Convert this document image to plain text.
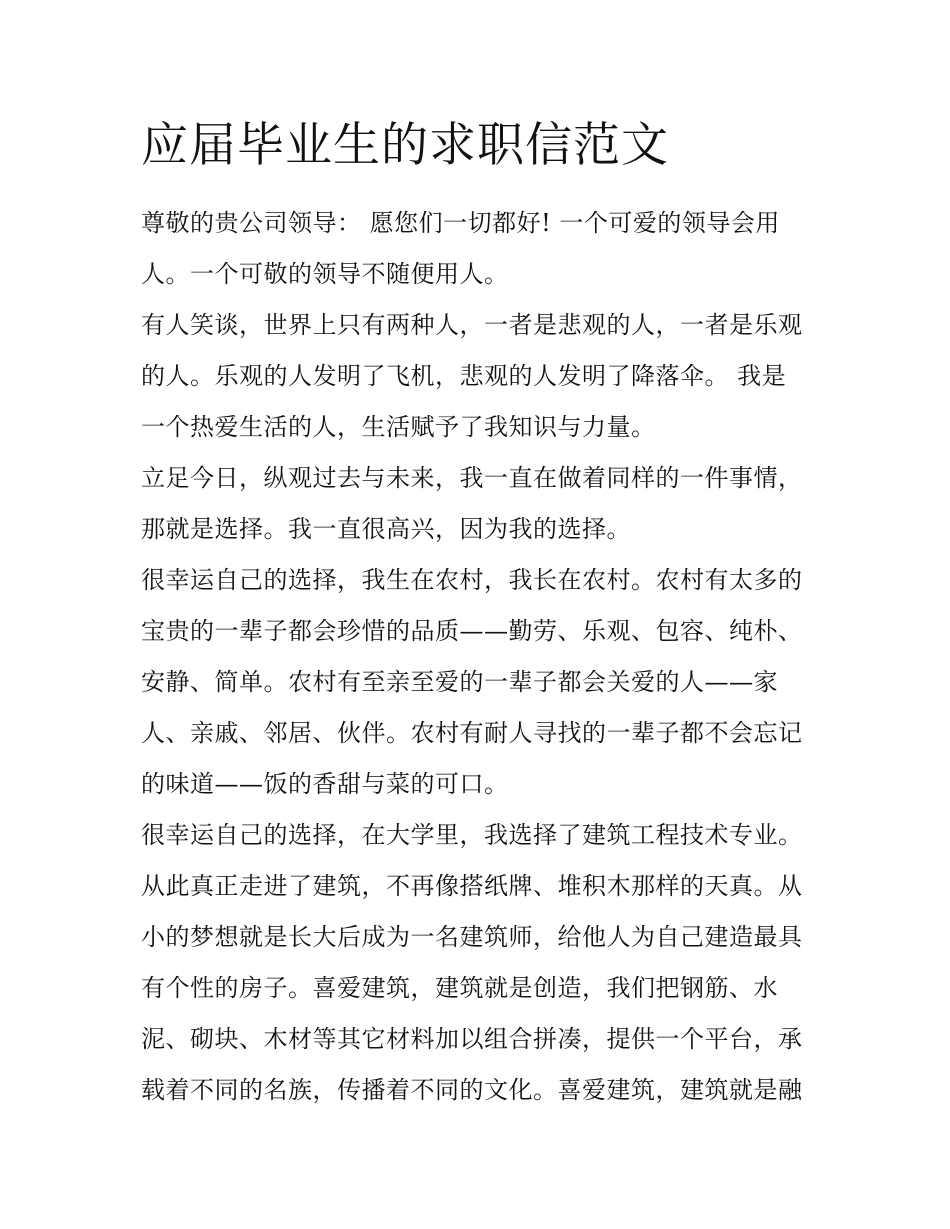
应届毕业生的求职信范文
尊敬的贵公司领导： 愿您们一切都好! 一个可爱的领导会用
人。一个可敬的领导不随便用人。
有人笑谈，世界上只有两种人，一者是悲观的人，一者是乐观
的人。乐观的人发明了飞机，悲观的人发明了降落伞。 我是
一个热爱生活的人，生活赋予了我知识与力量。
立足今日，纵观过去与未来，我一直在做着同样的一件事情，
那就是选择。我一直很高兴，因为我的选择。
很幸运自己的选择，我生在农村，我长在农村。农村有太多的
宝贵的一辈子都会珍惜的品质——勤劳、乐观、包容、纯朴、
安静、简单。农村有至亲至爱的一辈子都会关爱的人——家
人、亲戚、邻居、伙伴。农村有耐人寻找的一辈子都不会忘记
的味道——饭的香甜与菜的可口。
很幸运自己的选择，在大学里，我选择了建筑工程技术专业。
从此真正走进了建筑，不再像搭纸牌、堆积木那样的天真。从
小的梦想就是长大后成为一名建筑师，给他人为自己建造最具
有个性的房子。喜爱建筑，建筑就是创造，我们把钢筋、水
泥、砌块、木材等其它材料加以组合拼凑，提供一个平台，承
载着不同的名族，传播着不同的文化。喜爱建筑，建筑就是融
